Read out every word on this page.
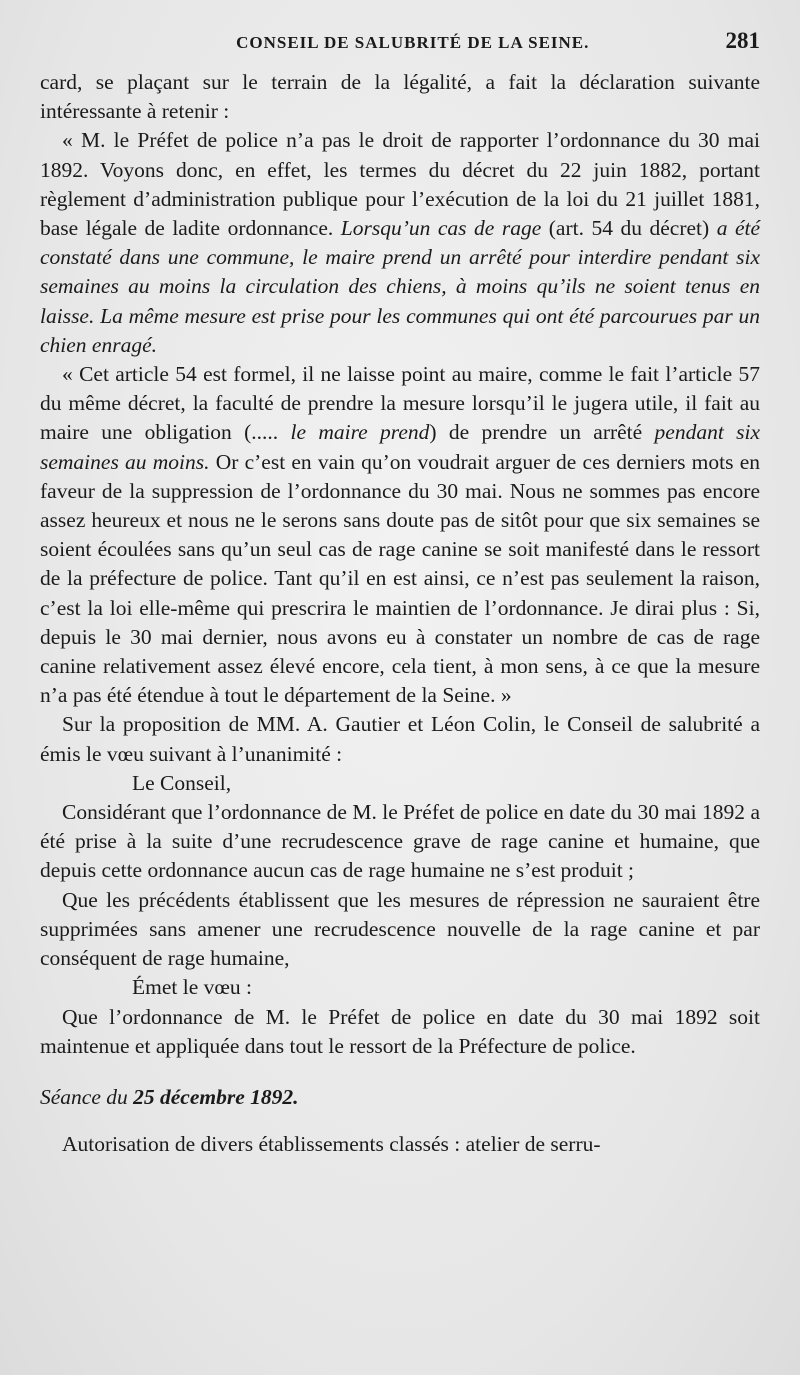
CONSEIL DE SALUBRITÉ DE LA SEINE.	281

card, se plaçant sur le terrain de la légalité, a fait la déclaration suivante intéressante à retenir :

« M. le Préfet de police n’a pas le droit de rapporter l’ordonnance du 30 mai 1892. Voyons donc, en effet, les termes du décret du 22 juin 1882, portant règlement d’administration publique pour l’exécution de la loi du 21 juillet 1881, base légale de ladite ordonnance. Lorsqu’un cas de rage (art. 54 du décret) a été constaté dans une commune, le maire prend un arrêté pour interdire pendant six semaines au moins la circulation des chiens, à moins qu’ils ne soient tenus en laisse. La même mesure est prise pour les communes qui ont été parcourues par un chien enragé.

« Cet article 54 est formel, il ne laisse point au maire, comme le fait l’article 57 du même décret, la faculté de prendre la mesure lorsqu’il le jugera utile, il fait au maire une obligation (..... le maire prend) de prendre un arrêté pendant six semaines au moins. Or c’est en vain qu’on voudrait arguer de ces derniers mots en faveur de la suppression de l’ordonnance du 30 mai. Nous ne sommes pas encore assez heureux et nous ne le serons sans doute pas de sitôt pour que six semaines se soient écoulées sans qu’un seul cas de rage canine se soit manifesté dans le ressort de la préfecture de police. Tant qu’il en est ainsi, ce n’est pas seulement la raison, c’est la loi elle-même qui prescrira le maintien de l’ordonnance. Je dirai plus : Si, depuis le 30 mai dernier, nous avons eu à constater un nombre de cas de rage canine relativement assez élevé encore, cela tient, à mon sens, à ce que la mesure n’a pas été étendue à tout le département de la Seine. »

Sur la proposition de MM. A. Gautier et Léon Colin, le Conseil de salubrité a émis le vœu suivant à l’unanimité :

Le Conseil,

Considérant que l’ordonnance de M. le Préfet de police en date du 30 mai 1892 a été prise à la suite d’une recrudescence grave de rage canine et humaine, que depuis cette ordonnance aucun cas de rage humaine ne s’est produit ;

Que les précédents établissent que les mesures de répression ne sauraient être supprimées sans amener une recrudescence nouvelle de la rage canine et par conséquent de rage humaine,

Émet le vœu :

Que l’ordonnance de M. le Préfet de police en date du 30 mai 1892 soit maintenue et appliquée dans tout le ressort de la Préfecture de police.

Séance du 25 décembre 1892.

Autorisation de divers établissements classés : atelier de serru-
